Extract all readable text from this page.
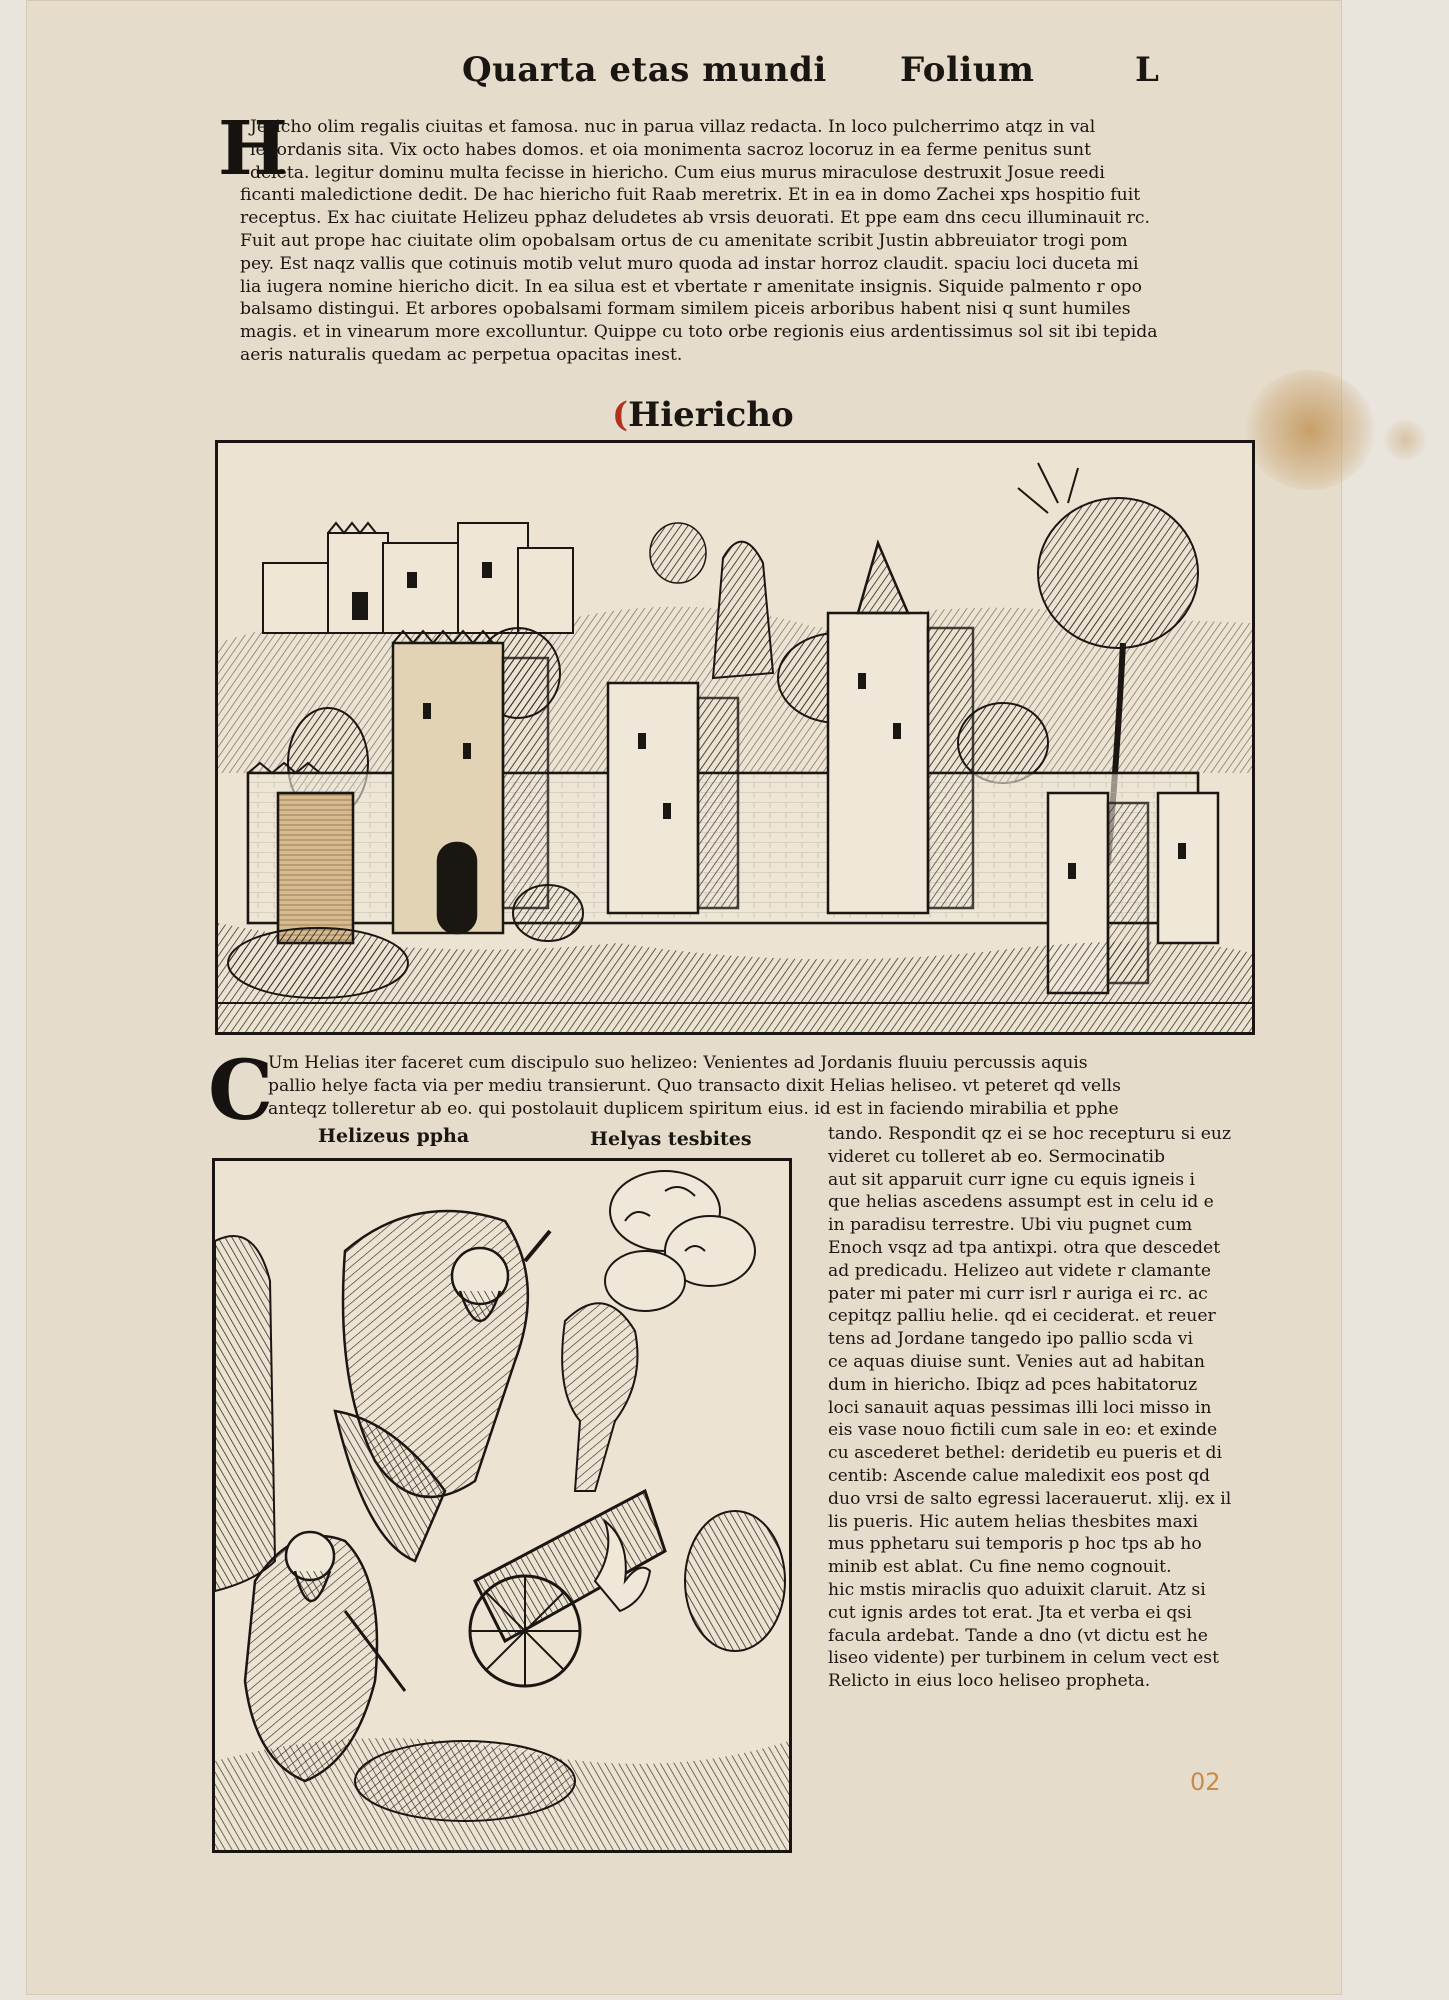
Quarta etas mundi Folium	L
H
Jericho olim regalis ciuitas et famosa. nuc in parua villaz redacta. In loco pulcherrimo atqz in val
le iordanis sita. Vix octo habes domos. et oia monimenta sacroz locoruz in ea ferme penitus sunt
deleta. legitur dominu multa fecisse in hiericho. Cum eius murus miraculose destruxit Josue reedi
ficanti maledictione dedit. De hac hiericho fuit Raab meretrix. Et in ea in domo Zachei xps hospitio fuit
receptus. Ex hac ciuitate Helizeu pphaz deludetes ab vrsis deuorati. Et ppe eam dns cecu illuminauit rc.
Fuit aut prope hac ciuitate olim opobalsam ortus de cu amenitate scribit Justin abbreuiator trogi pom
pey. Est naqz vallis que cotinuis motib velut muro quoda ad instar horroz claudit. spaciu loci duceta mi
lia iugera nomine hiericho dicit. In ea silua est et vbertate r amenitate insignis. Siquide palmento r opo
balsamo distingui. Et arbores opobalsami formam similem piceis arboribus habent nisi q sunt humiles
magis. et in vinearum more excolluntur. Quippe cu toto orbe regionis eius ardentissimus sol sit ibi tepida
aeris naturalis quedam ac perpetua opacitas inest.
(Hiericho
C
Um Helias iter faceret cum discipulo suo helizeo: Venientes ad Jordanis fluuiu percussis aquis
pallio helye facta via per mediu transierunt. Quo transacto dixit Helias heliseo. vt peteret qd vells
anteqz tolleretur ab eo. qui postolauit duplicem spiritum eius. id est in faciendo mirabilia et pphe
Helizeus ppha	Helyas tesbites	tando. Respondit qz ei se hoc recepturu si euz
videret cu tolleret ab eo. Sermocinatib
aut sit apparuit curr igne cu equis igneis i
que helias ascedens assumpt est in celu id e
in paradisu terrestre. Ubi viu pugnet cum
Enoch vsqz ad tpa antixpi. otra que descedet
ad predicadu. Helizeo aut videte r clamante
pater mi pater mi curr isrl r auriga ei rc. ac
cepitqz palliu helie. qd ei ceciderat. et reuer
tens ad Jordane tangedo ipo pallio scda vi
ce aquas diuise sunt. Venies aut ad habitan
dum in hiericho. Ibiqz ad pces habitatoruz
loci sanauit aquas pessimas illi loci misso in
eis vase nouo fictili cum sale in eo: et exinde
cu ascederet bethel: deridetib eu pueris et di
centib: Ascende calue maledixit eos post qd
duo vrsi de salto egressi lacerauerut. xlij. ex il
lis pueris. Hic autem helias thesbites maxi
mus pphetaru sui temporis p hoc tps ab ho
minib est ablat. Cu fine nemo cognouit.
hic mstis miraclis quo aduixit claruit. Atz si
cut ignis ardes tot erat. Jta et verba ei qsi
facula ardebat. Tande a dno (vt dictu est he
liseo vidente) per turbinem in celum vect est
Relicto in eius loco heliseo propheta.
02
